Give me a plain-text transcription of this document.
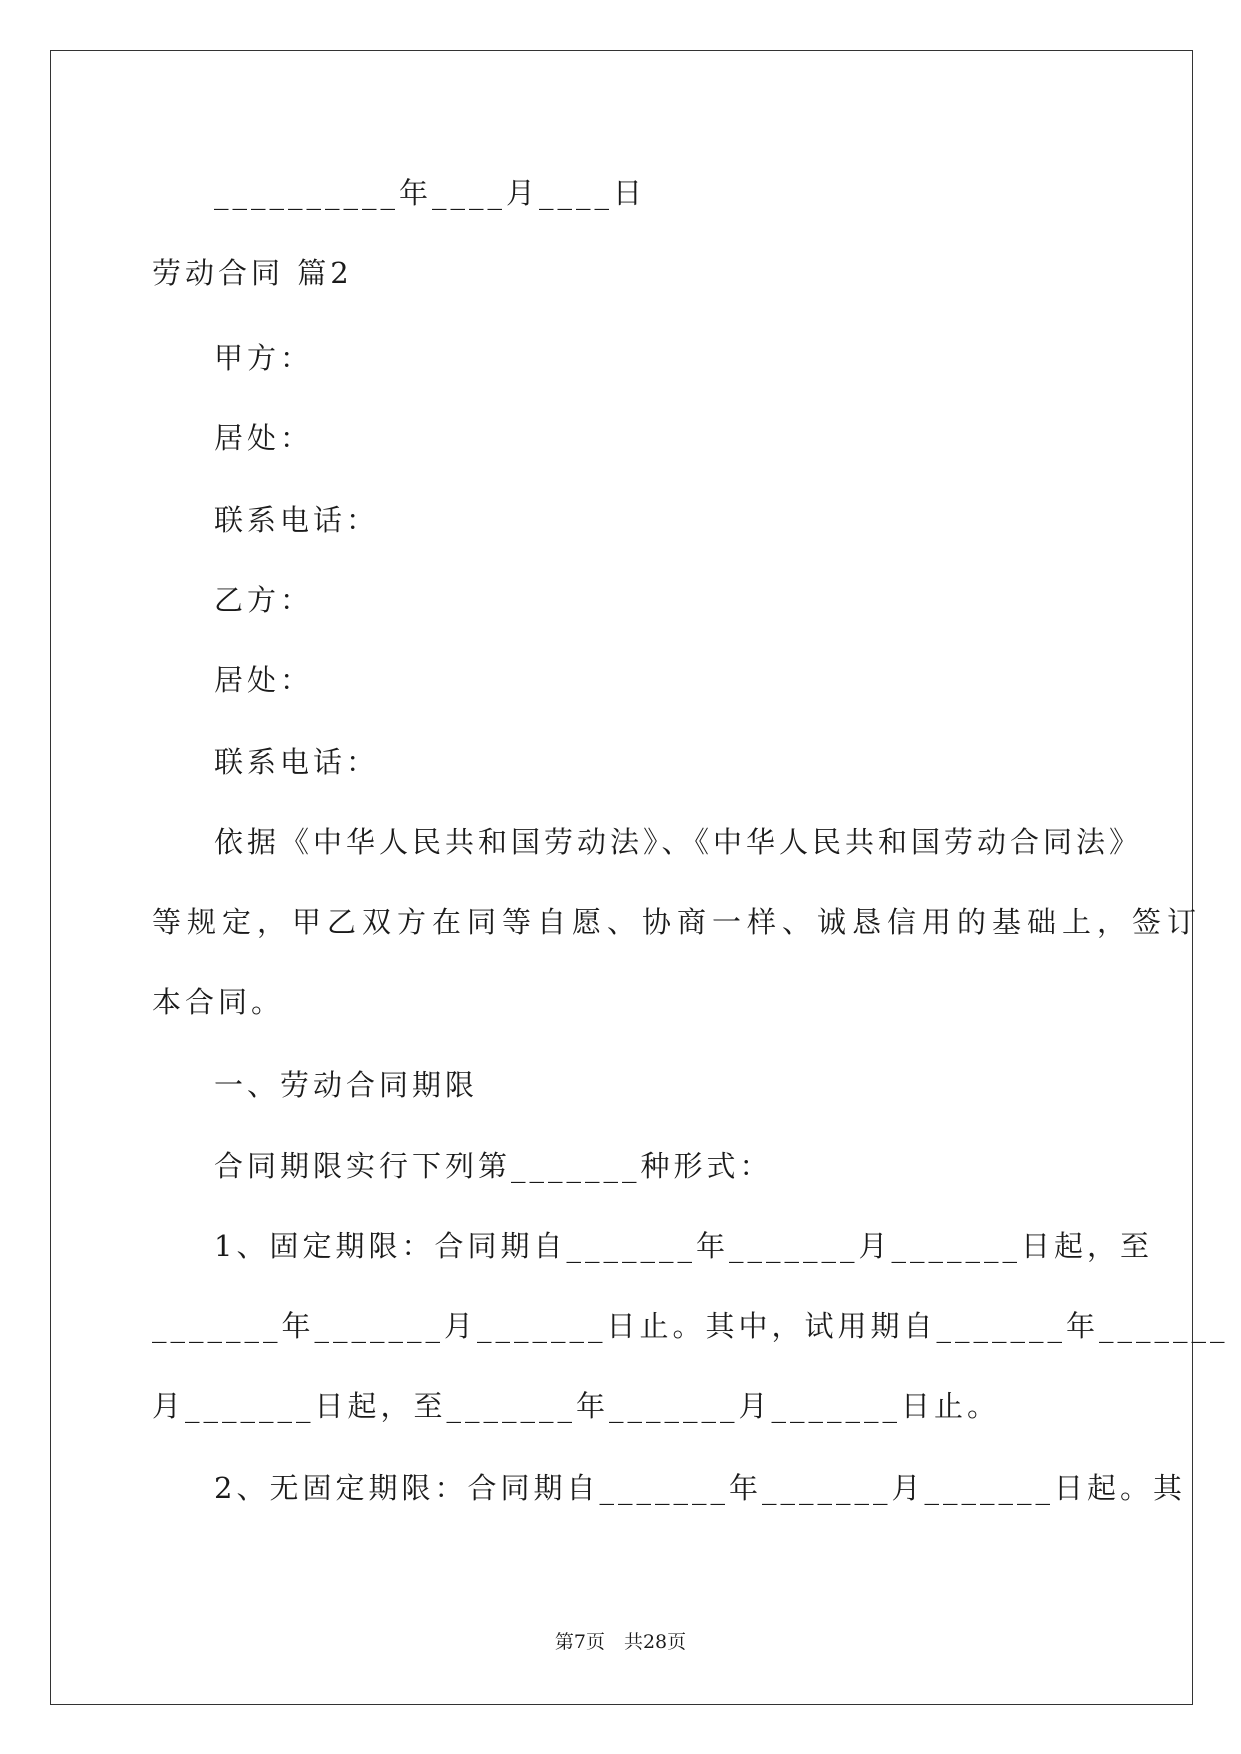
__________年____月____日
劳动合同 篇2
甲方：
居处：
联系电话：
乙方：
居处：
联系电话：
依据《中华人民共和国劳动法》、《中华人民共和国劳动合同法》
等规定，甲乙双方在同等自愿、协商一样、诚恳信用的基础上，签订
本合同。
一、劳动合同期限
合同期限实行下列第_______种形式：
1、固定期限：合同期自_______年_______月_______日起，至
_______年_______月_______日止。其中，试用期自_______年_______
月_______日起，至_______年_______月_______日止。
2、无固定期限：合同期自_______年_______月_______日起。其
第7页　共28页
